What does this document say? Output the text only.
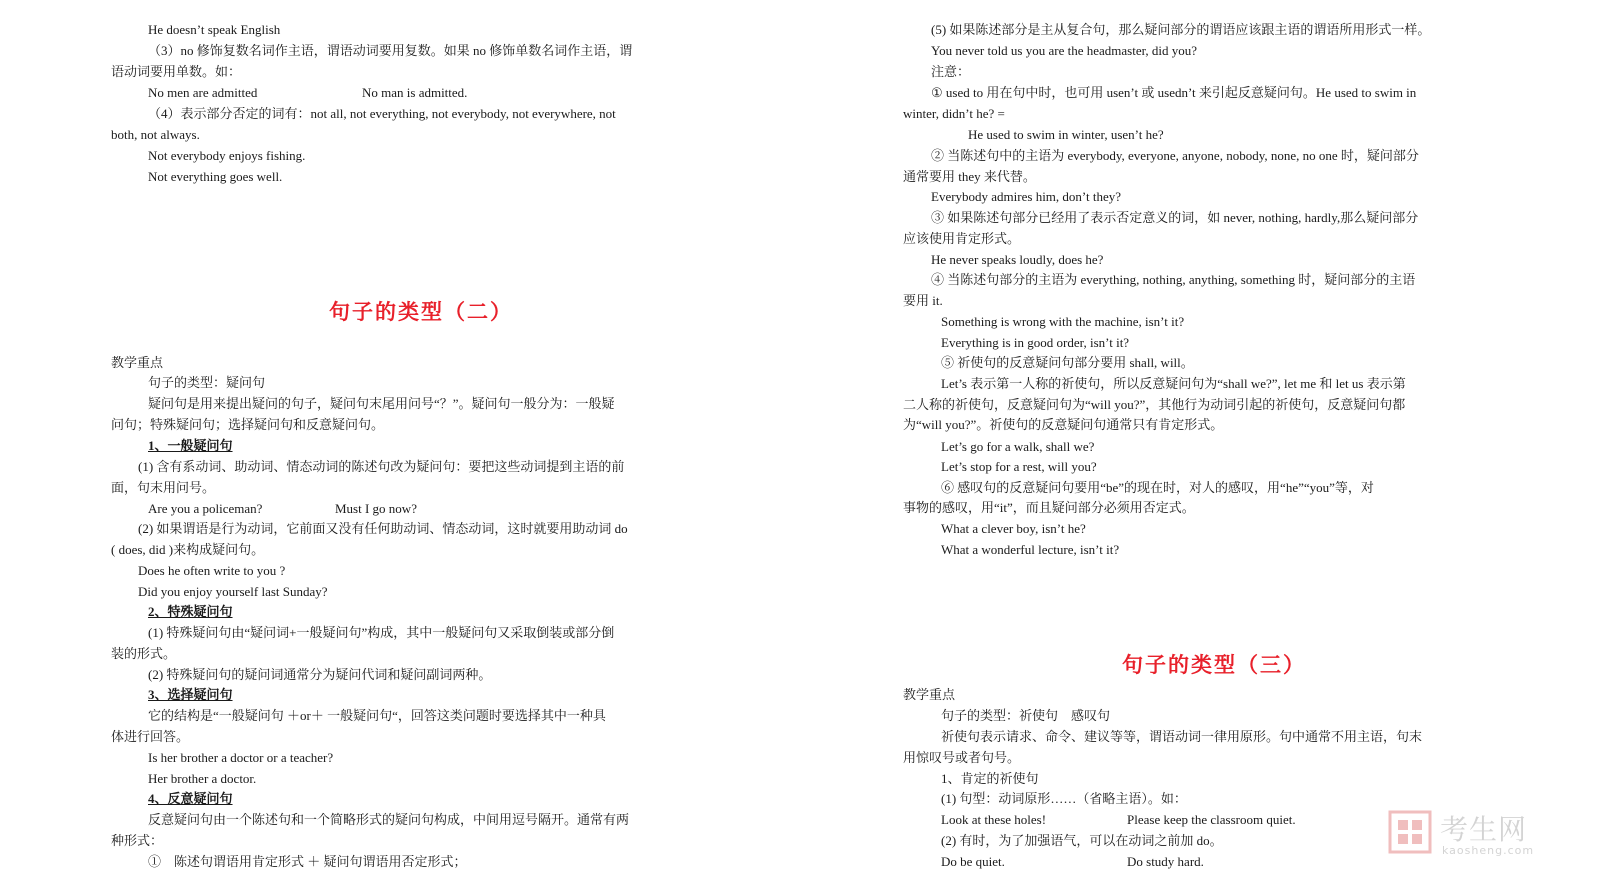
He doesn’t speak English
（3）no 修饰复数名词作主语，谓语动词要用复数。如果 no 修饰单数名词作主语，谓
语动词要用单数。如：
No men are admitted	No man is admitted.
（4）表示部分否定的词有：not all, not everything, not everybody, not everywhere, not
both, not always.
Not everybody enjoys fishing.
Not everything goes well.
句子的类型（二）
教学重点
句子的类型：疑问句
疑问句是用来提出疑问的句子，疑问句末尾用问号“？”。疑问句一般分为：一般疑
问句；特殊疑问句；选择疑问句和反意疑问句。
1、一般疑问句
(1) 含有系动词、助动词、情态动词的陈述句改为疑问句：要把这些动词提到主语的前
面，句末用问号。
Are you a policeman?	Must I go now?
(2) 如果谓语是行为动词，它前面又没有任何助动词、情态动词，这时就要用助动词 do
( does, did )来构成疑问句。
Does he often write to you ?
Did you enjoy yourself last Sunday?
2、特殊疑问句
(1) 特殊疑问句由“疑问词+一般疑问句”构成，其中一般疑问句又采取倒装或部分倒
装的形式。
(2) 特殊疑问句的疑问词通常分为疑问代词和疑问副词两种。
3、选择疑问句
它的结构是“一般疑问句 ＋or＋ 一般疑问句“，回答这类问题时要选择其中一种具
体进行回答。
Is her brother a doctor or a teacher?
Her brother a doctor.
4、反意疑问句
反意疑问句由一个陈述句和一个简略形式的疑问句构成，中间用逗号隔开。通常有两
种形式：
①　陈述句谓语用肯定形式 ＋ 疑问句谓语用否定形式；
(5) 如果陈述部分是主从复合句，那么疑问部分的谓语应该跟主语的谓语所用形式一样。
You never told us you are the headmaster, did you?
注意：
① used to 用在句中时，也可用 usen’t 或 usedn’t 来引起反意疑问句。He used to swim in
winter, didn’t he? =
He used to swim in winter, usen’t he?
② 当陈述句中的主语为 everybody, everyone, anyone, nobody, none, no one 时，疑问部分
通常要用 they 来代替。
Everybody admires him, don’t they?
③ 如果陈述句部分已经用了表示否定意义的词，如 never, nothing, hardly,那么疑问部分
应该使用肯定形式。
He never speaks loudly, does he?
④ 当陈述句部分的主语为 everything, nothing, anything, something 时，疑问部分的主语
要用 it.
Something is wrong with the machine, isn’t it?
Everything is in good order, isn’t it?
⑤ 祈使句的反意疑问句部分要用 shall, will。
Let’s 表示第一人称的祈使句，所以反意疑问句为“shall we?”, let me 和 let us 表示第
二人称的祈使句，反意疑问句为“will you?”，其他行为动词引起的祈使句，反意疑问句都
为“will you?”。祈使句的反意疑问句通常只有肯定形式。
Let’s go for a walk, shall we?
Let’s stop for a rest, will you?
⑥ 感叹句的反意疑问句要用“be”的现在时，对人的感叹，用“he”“you”等，对
事物的感叹，用“it”，而且疑问部分必须用否定式。
What a clever boy, isn’t he?
What a wonderful lecture, isn’t it?
句子的类型（三）
教学重点
句子的类型：祈使句　感叹句
祈使句表示请求、命令、建议等等，谓语动词一律用原形。句中通常不用主语，句末
用惊叹号或者句号。
1、肯定的祈使句
(1) 句型：动词原形……（省略主语）。如：
Look at these holes!	Please keep the classroom quiet.
(2) 有时，为了加强语气，可以在动词之前加 do。
Do be quiet.	Do study hard.
考生网
kaosheng.com
